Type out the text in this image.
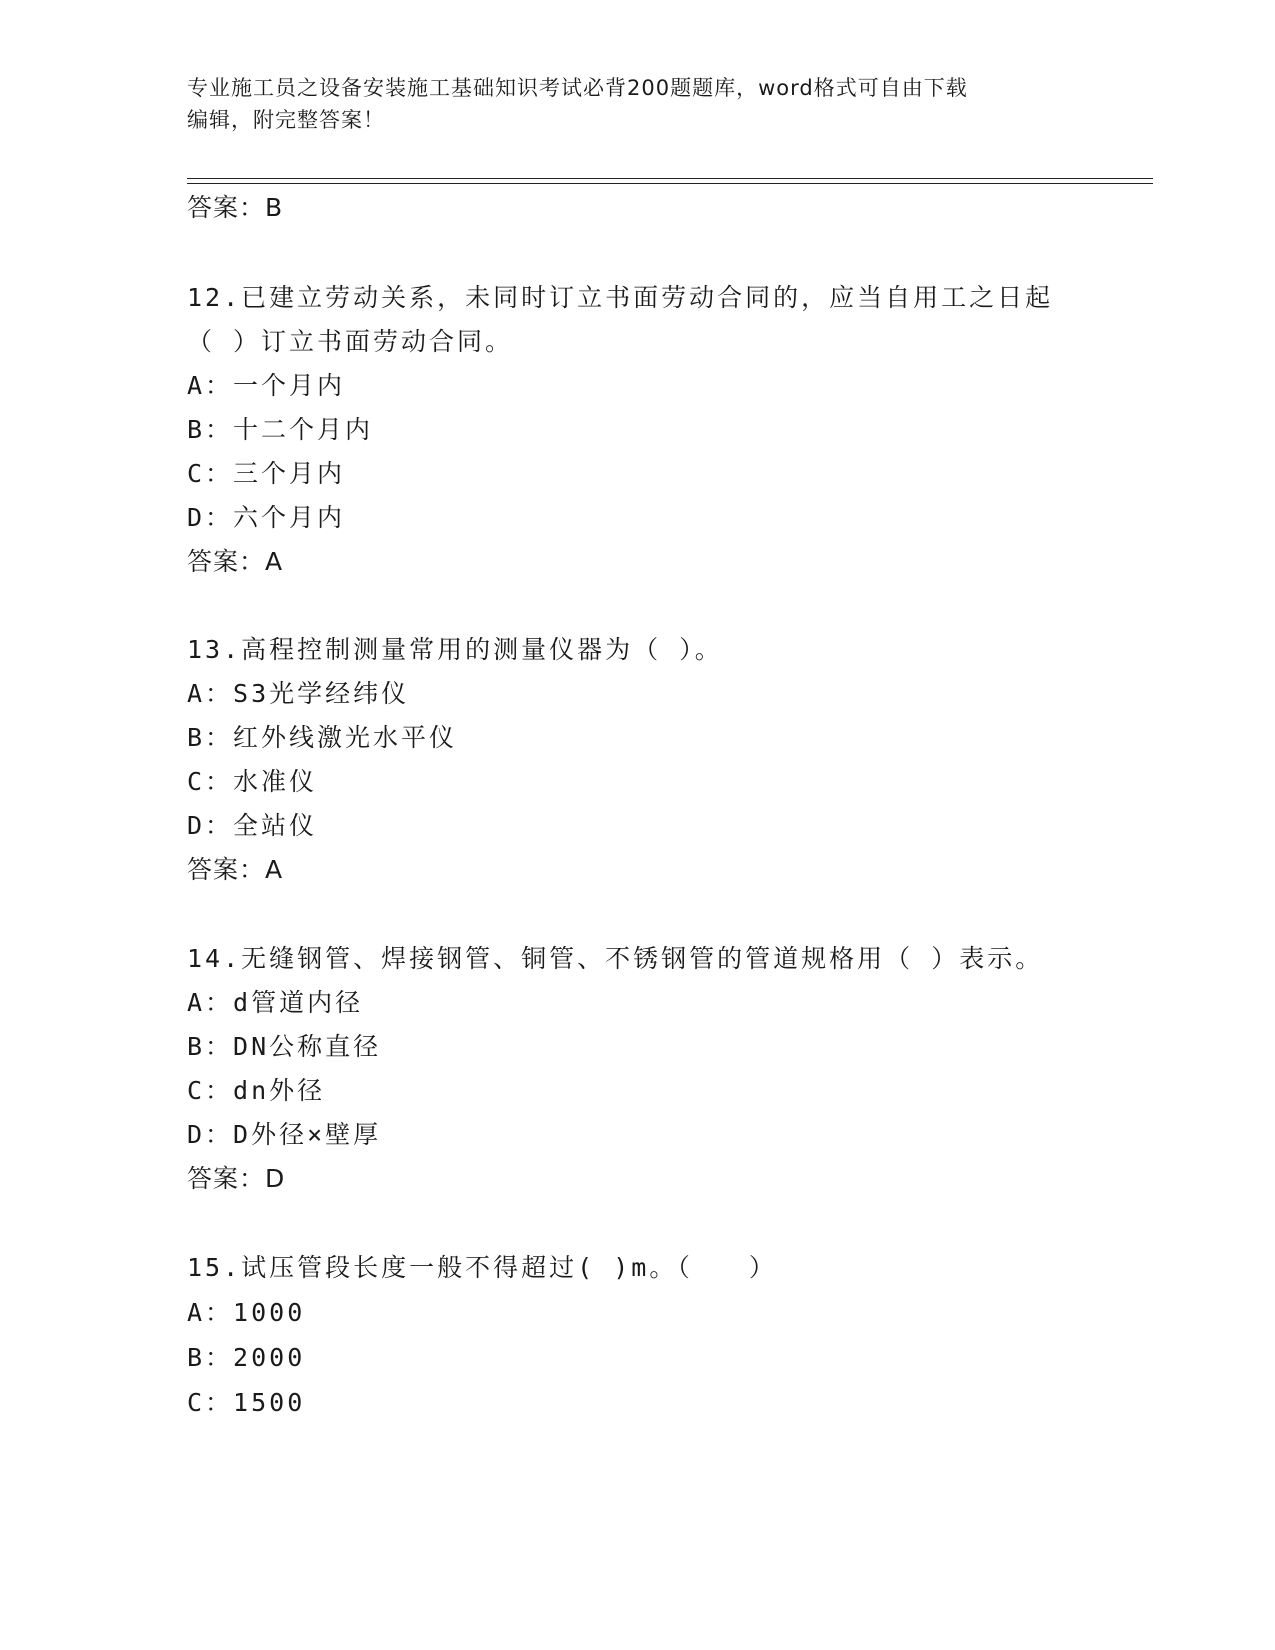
专业施工员之设备安装施工基础知识考试必背200题题库，word格式可自由下载
编辑，附完整答案！
答案：B
12.已建立劳动关系，未同时订立书面劳动合同的，应当自用工之日起
（ ）订立书面劳动合同。
A：一个月内
B：十二个月内
C：三个月内
D：六个月内
答案：A
13.高程控制测量常用的测量仪器为（ ）。
A：S3光学经纬仪
B：红外线激光水平仪
C：水准仪
D：全站仪
答案：A
14.无缝钢管、焊接钢管、铜管、不锈钢管的管道规格用（ ）表示。
A：d管道内径
B：DN公称直径
C：dn外径
D：D外径×壁厚
答案：D
15.试压管段长度一般不得超过( )m。（　　）
A：1000
B：2000
C：1500
